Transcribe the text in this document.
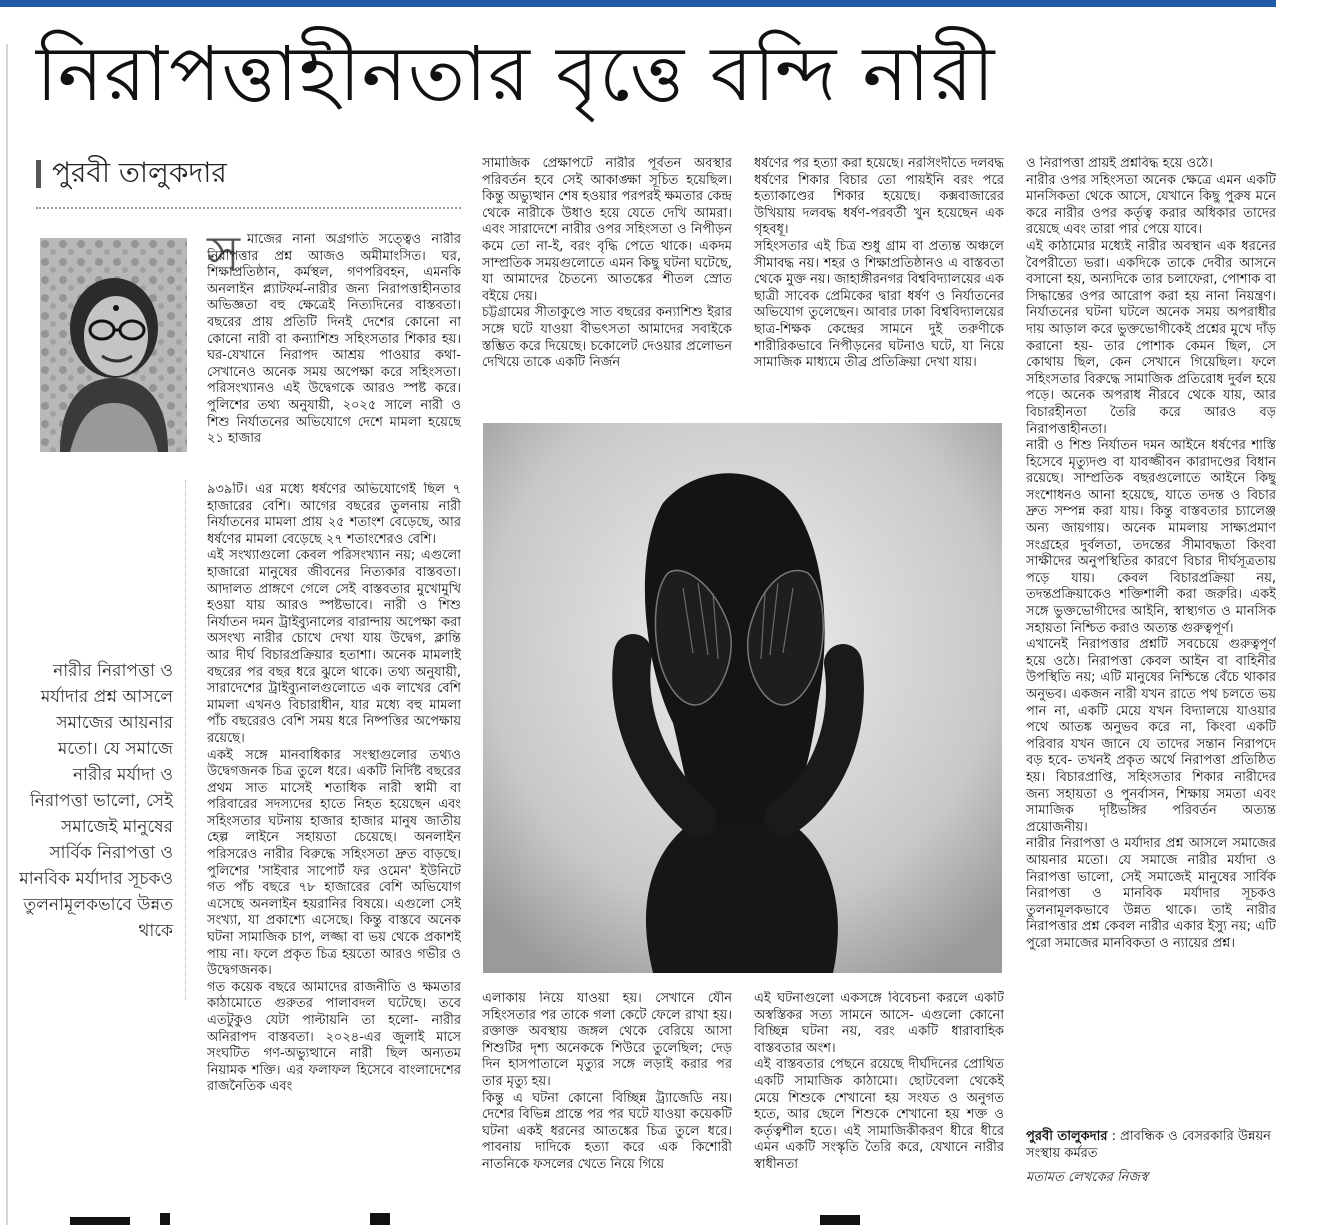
নিরাপত্তাহীনতার বৃত্তে বন্দি নারী
পুরবী তালুকদার

নারীর নিরাপত্তা ও মর্যাদার প্রশ্ন আসলে সমাজের আয়নার মতো। যে সমাজে নারীর মর্যাদা ও নিরাপত্তা ভালো, সেই সমাজেই মানুষের সার্বিক নিরাপত্তা ও মানবিক মর্যাদার সূচকও তুলনামূলকভাবে উন্নত থাকে

স মাজের নানা অগ্রগতি সত্ত্বেও নারীর নিরাপত্তার প্রশ্ন আজও অমীমাংসিত। ঘর, শিক্ষাপ্রতিষ্ঠান, কর্মস্থল, গণপরিবহন, এমনকি অনলাইন প্ল্যাটফর্ম-নারীর জন্য নিরাপত্তাহীনতার অভিজ্ঞতা বহু ক্ষেত্রেই নিত্যদিনের বাস্তবতা। বছরের প্রায় প্রতিটি দিনই দেশের কোনো না কোনো নারী বা কন্যাশিশু সহিংসতার শিকার হয়। ঘর-যেখানে নিরাপদ আশ্রয় পাওয়ার কথা-সেখানেও অনেক সময় অপেক্ষা করে সহিংসতা। পরিসংখ্যানও এই উদ্বেগকে আরও স্পষ্ট করে। পুলিশের তথ্য অনুযায়ী, ২০২৫ সালে নারী ও শিশু নির্যাতনের অভিযোগে দেশে মামলা হয়েছে ২১ হাজার

৯৩৯টি। এর মধ্যে ধর্ষণের অভিযোগেই ছিল ৭ হাজারের বেশি। আগের বছরের তুলনায় নারী নির্যাতনের মামলা প্রায় ২৫ শতাংশ বেড়েছে, আর ধর্ষণের মামলা বেড়েছে ২৭ শতাংশেরও বেশি।

এই সংখ্যাগুলো কেবল পরিসংখ্যান নয়; এগুলো হাজারো মানুষের জীবনের নিত্যকার বাস্তবতা। আদালত প্রাঙ্গণে গেলে সেই বাস্তবতার মুখোমুখি হওয়া যায় আরও স্পষ্টভাবে। নারী ও শিশু নির্যাতন দমন ট্রাইব্যুনালের বারান্দায় অপেক্ষা করা অসংখ্য নারীর চোখে দেখা যায় উদ্বেগ, ক্লান্তি আর দীর্ঘ বিচারপ্রক্রিয়ার হতাশা। অনেক মামলাই বছরের পর বছর ধরে ঝুলে থাকে। তথ্য অনুযায়ী, সারাদেশের ট্রাইব্যুনালগুলোতে এক লাখের বেশি মামলা এখনও বিচারাধীন, যার মধ্যে বহু মামলা পাঁচ বছরেরও বেশি সময় ধরে নিষ্পত্তির অপেক্ষায় রয়েছে।

একই সঙ্গে মানবাধিকার সংস্থাগুলোর তথ্যও উদ্বেগজনক চিত্র তুলে ধরে। একটি নির্দিষ্ট বছরের প্রথম সাত মাসেই শতাধিক নারী স্বামী বা পরিবারের সদস্যদের হাতে নিহত হয়েছেন এবং সহিংসতার ঘটনায় হাজার হাজার মানুষ জাতীয় হেল্প লাইনে সহায়তা চেয়েছে। অনলাইন পরিসরেও নারীর বিরুদ্ধে সহিংসতা দ্রুত বাড়ছে। পুলিশের 'সাইবার সাপোর্ট ফর ওমেন' ইউনিটে গত পাঁচ বছরে ৭৮ হাজারের বেশি অভিযোগ এসেছে অনলাইন হয়রানির বিষয়ে। এগুলো সেই সংখ্যা, যা প্রকাশ্যে এসেছে। কিন্তু বাস্তবে অনেক ঘটনা সামাজিক চাপ, লজ্জা বা ভয় থেকে প্রকাশই পায় না। ফলে প্রকৃত চিত্র হয়তো আরও গভীর ও উদ্বেগজনক।

গত কয়েক বছরে আমাদের রাজনীতি ও ক্ষমতার কাঠামোতে গুরুতর পালাবদল ঘটেছে। তবে এতটুকুও যেটা পাল্টায়নি তা হলো- নারীর অনিরাপদ বাস্তবতা। ২০২৪-এর জুলাই মাসে সংঘটিত গণ-অভ্যুত্থানে নারী ছিল অন্যতম নিয়ামক শক্তি। এর ফলাফল হিসেবে বাংলাদেশের রাজনৈতিক এবং

সামাজিক প্রেক্ষাপটে নারীর পূর্বতন অবস্থার পরিবর্তন হবে সেই আকাঙ্ক্ষা সূচিত হয়েছিল। কিন্তু অভ্যুত্থান শেষ হওয়ার পরপরই ক্ষমতার কেন্দ্র থেকে নারীকে উধাও হয়ে যেতে দেখি আমরা। এবং সারাদেশে নারীর ওপর সহিংসতা ও নিপীড়ন কমে তো না-ই, বরং বৃদ্ধি পেতে থাকে। একদম সাম্প্রতিক সময়গুলোতে এমন কিছু ঘটনা ঘটেছে, যা আমাদের চৈতন্যে আতঙ্কের শীতল স্রোত বইয়ে দেয়।

চট্টগ্রামের সীতাকুণ্ডে সাত বছরের কন্যাশিশু ইরার সঙ্গে ঘটে যাওয়া বীভৎসতা আমাদের সবাইকে স্তম্ভিত করে দিয়েছে। চকোলেট দেওয়ার প্রলোভন দেখিয়ে তাকে একটি নির্জন

ধর্ষণের পর হত্যা করা হয়েছে। নরসিংদীতে দলবদ্ধ ধর্ষণের শিকার বিচার তো পায়ইনি বরং পরে হত্যাকাণ্ডের শিকার হয়েছে। কক্সবাজারের উখিয়ায় দলবদ্ধ ধর্ষণ-পরবর্তী খুন হয়েছেন এক গৃহবধূ।

সহিংসতার এই চিত্র শুধু গ্রাম বা প্রত্যন্ত অঞ্চলে সীমাবদ্ধ নয়। শহর ও শিক্ষাপ্রতিষ্ঠানও এ বাস্তবতা থেকে মুক্ত নয়। জাহাঙ্গীরনগর বিশ্ববিদ্যালয়ের এক ছাত্রী সাবেক প্রেমিকের দ্বারা ধর্ষণ ও নির্যাতনের অভিযোগ তুলেছেন। আবার ঢাকা বিশ্ববিদ্যালয়ের ছাত্র-শিক্ষক কেন্দ্রের সামনে দুই তরুণীকে শারীরিকভাবে নিপীড়নের ঘটনাও ঘটে, যা নিয়ে সামাজিক মাধ্যমে তীব্র প্রতিক্রিয়া দেখা যায়।

এলাকায় নিয়ে যাওয়া হয়। সেখানে যৌন সহিংসতার পর তাকে গলা কেটে ফেলে রাখা হয়। রক্তাক্ত অবস্থায় জঙ্গল থেকে বেরিয়ে আসা শিশুটির দৃশ্য অনেককে শিউরে তুলেছিল; দেড় দিন হাসপাতালে মৃত্যুর সঙ্গে লড়াই করার পর তার মৃত্যু হয়।

কিন্তু এ ঘটনা কোনো বিচ্ছিন্ন ট্র্যাজেডি নয়। দেশের বিভিন্ন প্রান্তে পর পর ঘটে যাওয়া কয়েকটি ঘটনা একই ধরনের আতঙ্কের চিত্র তুলে ধরে। পাবনায় দাদিকে হত্যা করে এক কিশোরী নাতনিকে ফসলের খেতে নিয়ে গিয়ে

এই ঘটনাগুলো একসঙ্গে বিবেচনা করলে একটি অস্বস্তিকর সত্য সামনে আসে- এগুলো কোনো বিচ্ছিন্ন ঘটনা নয়, বরং একটি ধারাবাহিক বাস্তবতার অংশ।

এই বাস্তবতার পেছনে রয়েছে দীর্ঘদিনের প্রোথিত একটি সামাজিক কাঠামো। ছোটবেলা থেকেই মেয়ে শিশুকে শেখানো হয় সংযত ও অনুগত হতে, আর ছেলে শিশুকে শেখানো হয় শক্ত ও কর্তৃত্বশীল হতে। এই সামাজিকীকরণ ধীরে ধীরে এমন একটি সংস্কৃতি তৈরি করে, যেখানে নারীর স্বাধীনতা

ও নিরাপত্তা প্রায়ই প্রশ্নবিদ্ধ হয়ে ওঠে।

নারীর ওপর সহিংসতা অনেক ক্ষেত্রে এমন একটি মানসিকতা থেকে আসে, যেখানে কিছু পুরুষ মনে করে নারীর ওপর কর্তৃত্ব করার অধিকার তাদের রয়েছে এবং তারা পার পেয়ে যাবে।

এই কাঠামোর মধ্যেই নারীর অবস্থান এক ধরনের বৈপরীত্যে ভরা। একদিকে তাকে দেবীর আসনে বসানো হয়, অন্যদিকে তার চলাফেরা, পোশাক বা সিদ্ধান্তের ওপর আরোপ করা হয় নানা নিয়ন্ত্রণ। নির্যাতনের ঘটনা ঘটলে অনেক সময় অপরাধীর দায় আড়াল করে ভুক্তভোগীকেই প্রশ্নের মুখে দাঁড় করানো হয়- তার পোশাক কেমন ছিল, সে কোথায় ছিল, কেন সেখানে গিয়েছিল। ফলে সহিংসতার বিরুদ্ধে সামাজিক প্রতিরোধ দুর্বল হয়ে পড়ে। অনেক অপরাধ নীরবে থেকে যায়, আর বিচারহীনতা তৈরি করে আরও বড় নিরাপত্তাহীনতা।

নারী ও শিশু নির্যাতন দমন আইনে ধর্ষণের শাস্তি হিসেবে মৃত্যুদণ্ড বা যাবজ্জীবন কারাদণ্ডের বিধান রয়েছে। সাম্প্রতিক বছরগুলোতে আইনে কিছু সংশোধনও আনা হয়েছে, যাতে তদন্ত ও বিচার দ্রুত সম্পন্ন করা যায়। কিন্তু বাস্তবতার চ্যালেঞ্জ অন্য জায়গায়। অনেক মামলায় সাক্ষ্যপ্রমাণ সংগ্রহের দুর্বলতা, তদন্তের সীমাবদ্ধতা কিংবা সাক্ষীদের অনুপস্থিতির কারণে বিচার দীর্ঘসূত্রতায় পড়ে যায়। কেবল বিচারপ্রক্রিয়া নয়, তদন্তপ্রক্রিয়াকেও শক্তিশালী করা জরুরি। একই সঙ্গে ভুক্তভোগীদের আইনি, স্বাস্থ্যগত ও মানসিক সহায়তা নিশ্চিত করাও অত্যন্ত গুরুত্বপূর্ণ।

এখানেই নিরাপত্তার প্রশ্নটি সবচেয়ে গুরুত্বপূর্ণ হয়ে ওঠে। নিরাপত্তা কেবল আইন বা বাহিনীর উপস্থিতি নয়; এটি মানুষের নিশ্চিন্তে বেঁচে থাকার অনুভব। একজন নারী যখন রাতে পথ চলতে ভয় পান না, একটি মেয়ে যখন বিদ্যালয়ে যাওয়ার পথে আতঙ্ক অনুভব করে না, কিংবা একটি পরিবার যখন জানে যে তাদের সন্তান নিরাপদে বড় হবে- তখনই প্রকৃত অর্থে নিরাপত্তা প্রতিষ্ঠিত হয়। বিচারপ্রাপ্তি, সহিংসতার শিকার নারীদের জন্য সহায়তা ও পুনর্বাসন, শিক্ষায় সমতা এবং সামাজিক দৃষ্টিভঙ্গির পরিবর্তন অত্যন্ত প্রয়োজনীয়।

নারীর নিরাপত্তা ও মর্যাদার প্রশ্ন আসলে সমাজের আয়নার মতো। যে সমাজে নারীর মর্যাদা ও নিরাপত্তা ভালো, সেই সমাজেই মানুষের সার্বিক নিরাপত্তা ও মানবিক মর্যাদার সূচকও তুলনামূলকভাবে উন্নত থাকে। তাই নারীর নিরাপত্তার প্রশ্ন কেবল নারীর একার ইস্যু নয়; এটি পুরো সমাজের মানবিকতা ও ন্যায়ের প্রশ্ন।

পুরবী তালুকদার : প্রাবন্ধিক ও বেসরকারি উন্নয়ন সংস্থায় কর্মরত

মতামত লেখকের নিজস্ব
